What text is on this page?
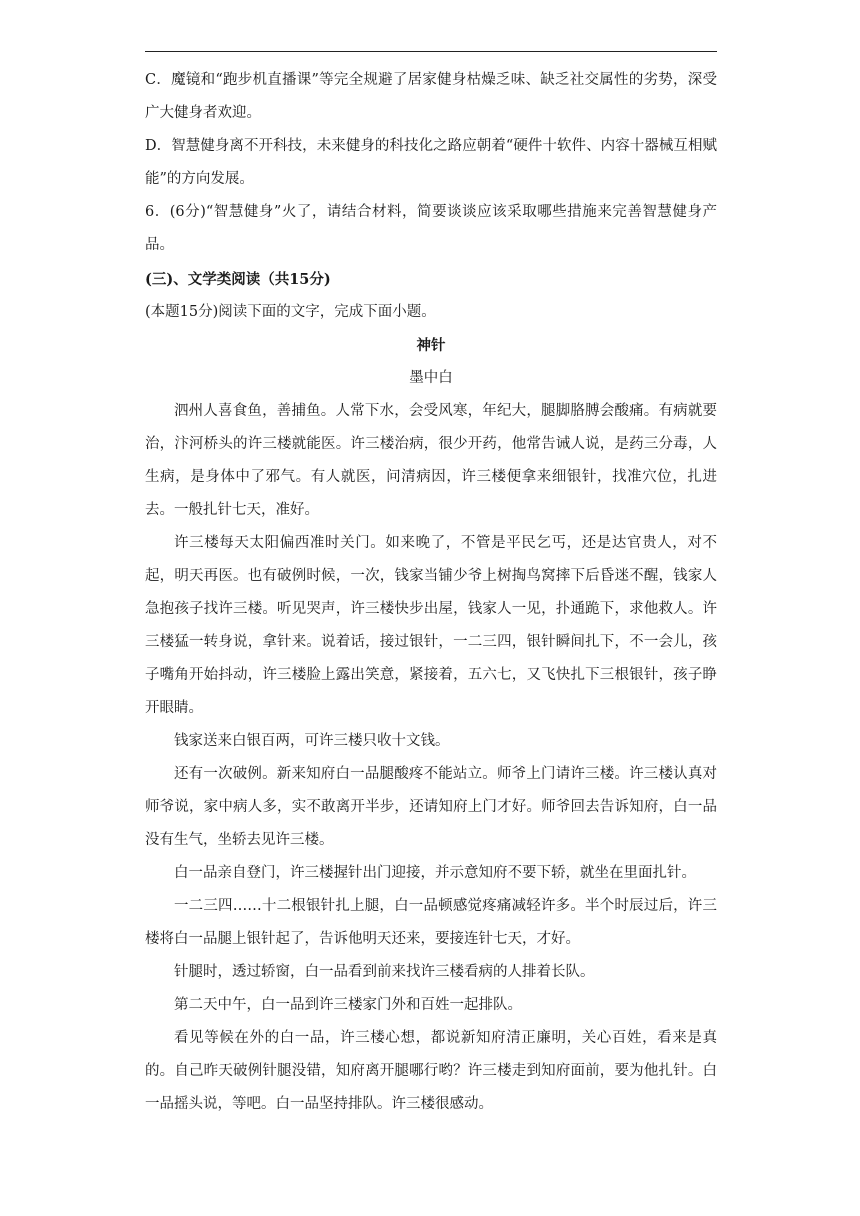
C．魔镜和“跑步机直播课”等完全规避了居家健身枯燥乏味、缺乏社交属性的劣势，深受广大健身者欢迎。

D．智慧健身离不开科技，未来健身的科技化之路应朝着“硬件十软件、内容十器械互相赋能”的方向发展。

6．(6分)“智慧健身”火了，请结合材料，简要谈谈应该采取哪些措施来完善智慧健身产品。

(三)、文学类阅读（共15分)

(本题15分)阅读下面的文字，完成下面小题。

神针

墨中白

泗州人喜食鱼，善捕鱼。人常下水，会受风寒，年纪大，腿脚胳膊会酸痛。有病就要治，汴河桥头的许三楼就能医。许三楼治病，很少开药，他常告诫人说，是药三分毒，人生病，是身体中了邪气。有人就医，问清病因，许三楼便拿来细银针，找准穴位，扎进去。一般扎针七天，准好。

许三楼每天太阳偏西准时关门。如来晚了，不管是平民乞丐，还是达官贵人，对不起，明天再医。也有破例时候，一次，钱家当铺少爷上树掏鸟窝摔下后昏迷不醒，钱家人急抱孩子找许三楼。听见哭声，许三楼快步出屋，钱家人一见，扑通跪下，求他救人。许三楼猛一转身说，拿针来。说着话，接过银针，一二三四，银针瞬间扎下，不一会儿，孩子嘴角开始抖动，许三楼脸上露出笑意，紧接着，五六七，又飞快扎下三根银针，孩子睁开眼睛。

钱家送来白银百两，可许三楼只收十文钱。

还有一次破例。新来知府白一品腿酸疼不能站立。师爷上门请许三楼。许三楼认真对师爷说，家中病人多，实不敢离开半步，还请知府上门才好。师爷回去告诉知府，白一品没有生气，坐轿去见许三楼。

白一品亲自登门，许三楼握针出门迎接，并示意知府不要下轿，就坐在里面扎针。

一二三四……十二根银针扎上腿，白一品顿感觉疼痛减轻许多。半个时辰过后，许三楼将白一品腿上银针起了，告诉他明天还来，要接连针七天，才好。

针腿时，透过轿窗，白一品看到前来找许三楼看病的人排着长队。

第二天中午，白一品到许三楼家门外和百姓一起排队。

看见等候在外的白一品，许三楼心想，都说新知府清正廉明，关心百姓，看来是真的。自己昨天破例针腿没错，知府离开腿哪行哟？许三楼走到知府面前，要为他扎针。白一品摇头说，等吧。白一品坚持排队。许三楼很感动。
